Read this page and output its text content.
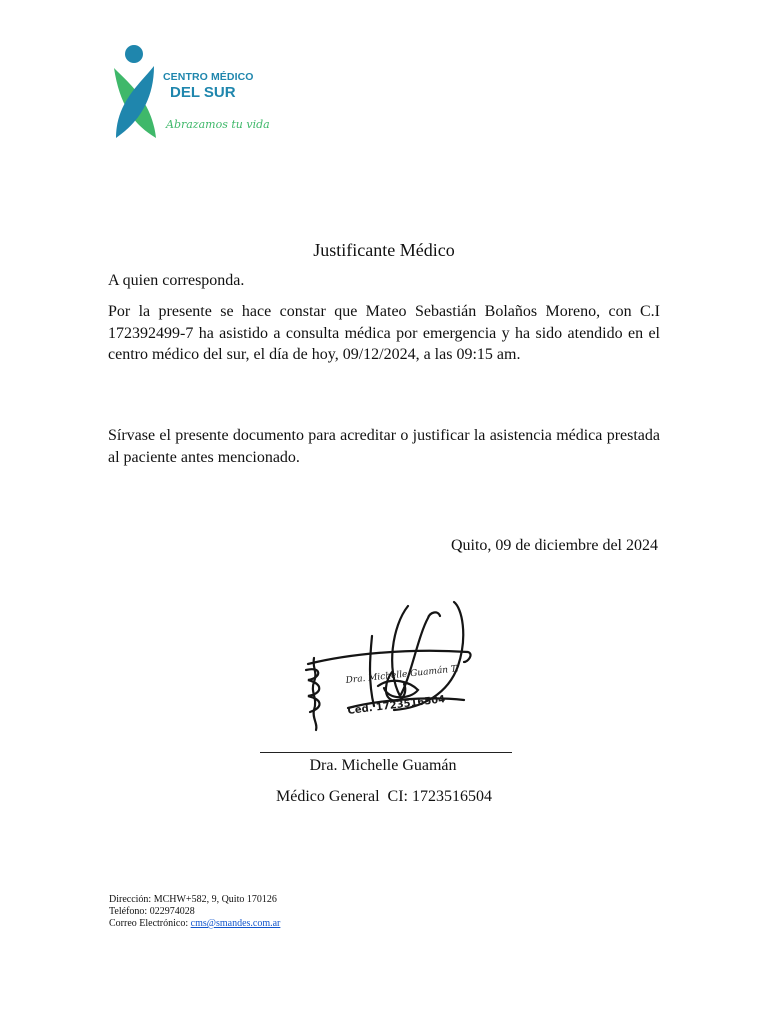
CENTRO MÉDICO
DEL SUR
Abrazamos tu vida
Justificante Médico
A quien corresponda.
Por la presente se hace constar que Mateo Sebastián Bolaños Moreno, con C.I 172392499-7 ha asistido a consulta médica por emergencia y ha sido atendido en el centro médico del sur, el día de hoy, 09/12/2024, a las 09:15 am.
Sírvase el presente documento para acreditar o justificar la asistencia médica prestada al paciente antes mencionado.
Quito, 09 de diciembre del 2024
Dra. Michelle Guamán T.
Ced. 1723516504
Dra. Michelle Guamán
Médico General  CI: 1723516504
Dirección: MCHW+582, 9, Quito 170126
Teléfono: 022974028
Correo Electrónico: cms@smandes.com.ar
